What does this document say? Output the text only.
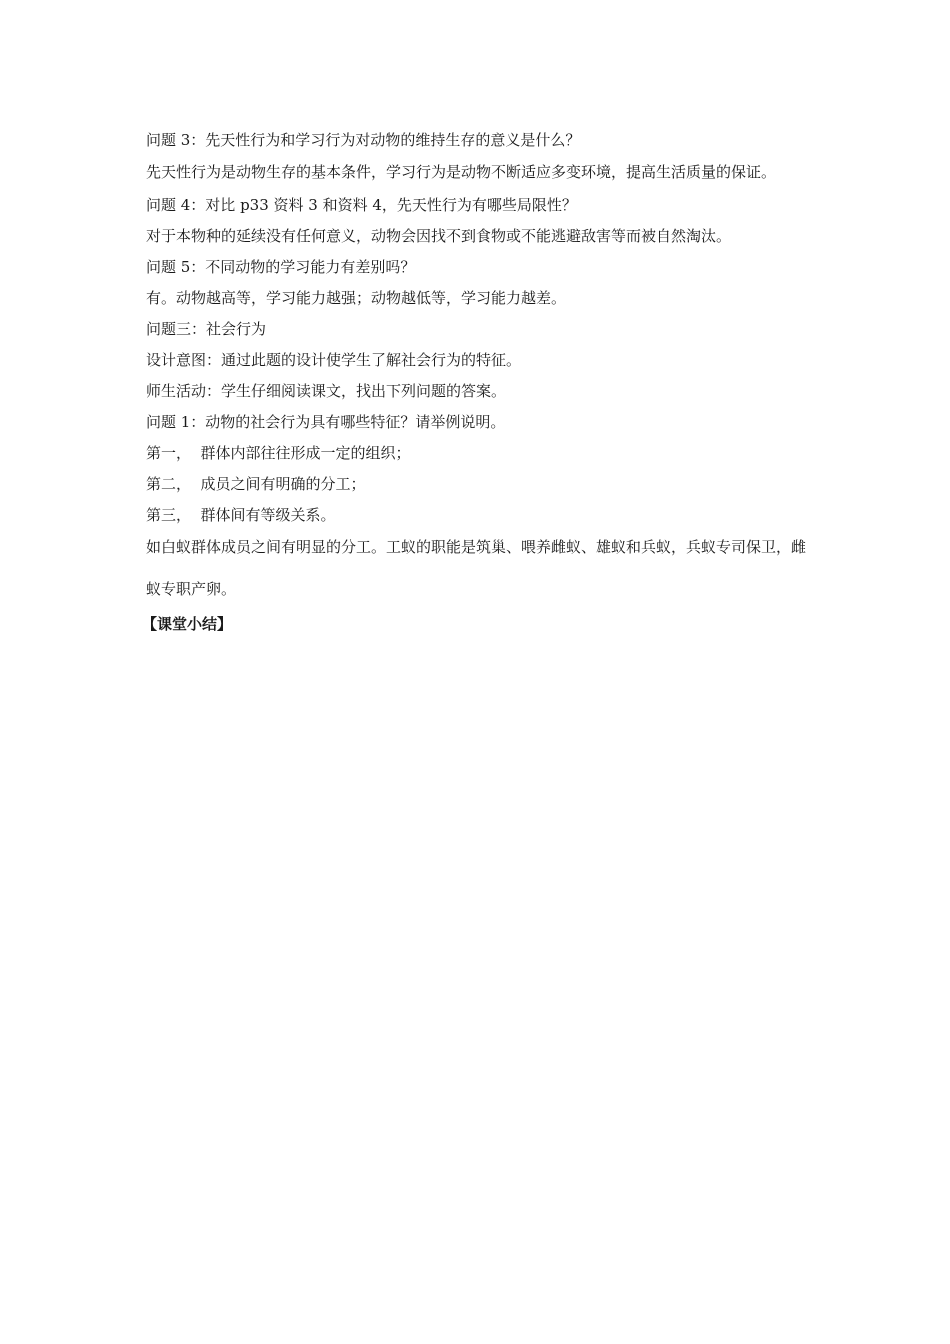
问题 3：先天性行为和学习行为对动物的维持生存的意义是什么？

先天性行为是动物生存的基本条件，学习行为是动物不断适应多变环境，提高生活质量的保证。

问题 4：对比 p33 资料 3 和资料 4，先天性行为有哪些局限性？

对于本物种的延续没有任何意义，动物会因找不到食物或不能逃避敌害等而被自然淘汰。

问题 5：不同动物的学习能力有差别吗？

有。动物越高等，学习能力越强；动物越低等，学习能力越差。

问题三：社会行为

设计意图：通过此题的设计使学生了解社会行为的特征。

师生活动：学生仔细阅读课文，找出下列问题的答案。

问题 1：动物的社会行为具有哪些特征？请举例说明。

第一，  群体内部往往形成一定的组织；

第二，  成员之间有明确的分工；

第三，  群体间有等级关系。

如白蚁群体成员之间有明显的分工。工蚁的职能是筑巢、喂养雌蚁、雄蚁和兵蚁，兵蚁专司保卫，雌蚁专职产卵。

【课堂小结】
